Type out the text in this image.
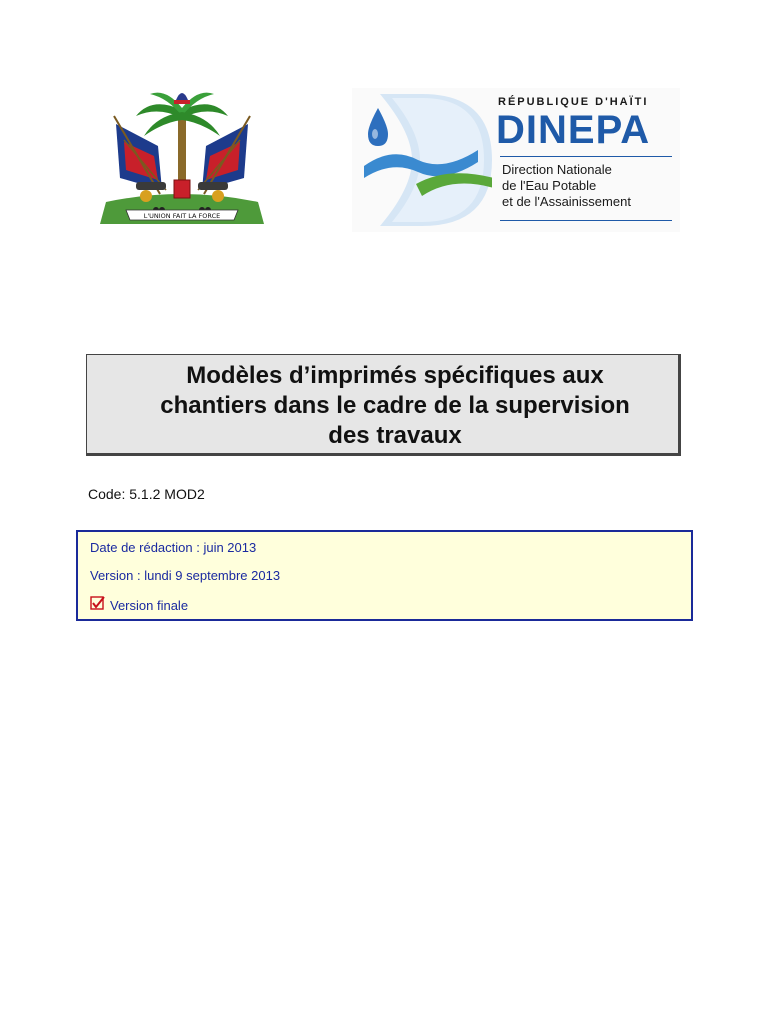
L'UNION FAIT LA FORCE
RÉPUBLIQUE D'HAÏTI
DINEPA
Direction Nationale
de l'Eau Potable
et de l'Assainissement
Modèles d’imprimés spécifiques aux
chantiers dans le cadre de la supervision
des travaux
Code: 5.1.2 MOD2
Date de rédaction : juin 2013
Version : lundi 9 septembre 2013
Version finale
